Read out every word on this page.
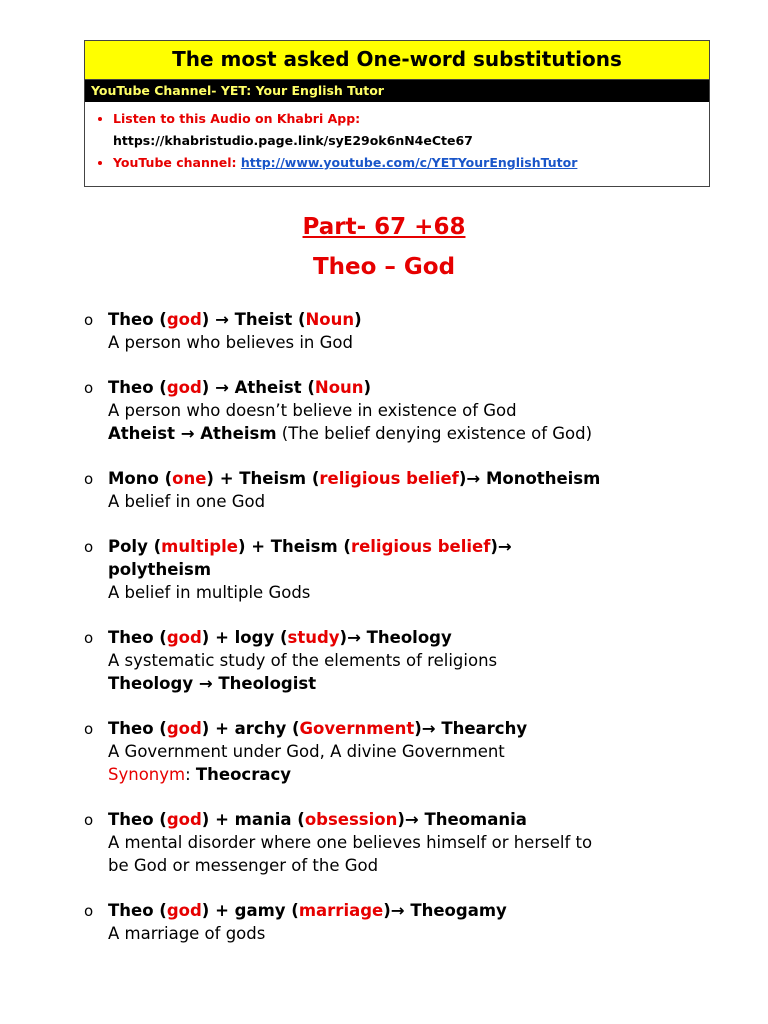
The most asked One-word substitutions
YouTube Channel- YET: Your English Tutor
• Listen to this Audio on Khabri App:
https://khabristudio.page.link/syE29ok6nN4eCte67
• YouTube channel: http://www.youtube.com/c/YETYourEnglishTutor
Part- 67 +68
Theo – God
o Theo (god) → Theist (Noun)
A person who believes in God
o Theo (god) → Atheist (Noun)
A person who doesn’t believe in existence of God
Atheist → Atheism (The belief denying existence of God)
o Mono (one) + Theism (religious belief)→ Monotheism
A belief in one God
o Poly (multiple) + Theism (religious belief)→
polytheism
A belief in multiple Gods
o Theo (god) + logy (study)→ Theology
A systematic study of the elements of religions
Theology → Theologist
o Theo (god) + archy (Government)→ Thearchy
A Government under God, A divine Government
Synonym: Theocracy
o Theo (god) + mania (obsession)→ Theomania
A mental disorder where one believes himself or herself to
be God or messenger of the God
o Theo (god) + gamy (marriage)→ Theogamy
A marriage of gods
